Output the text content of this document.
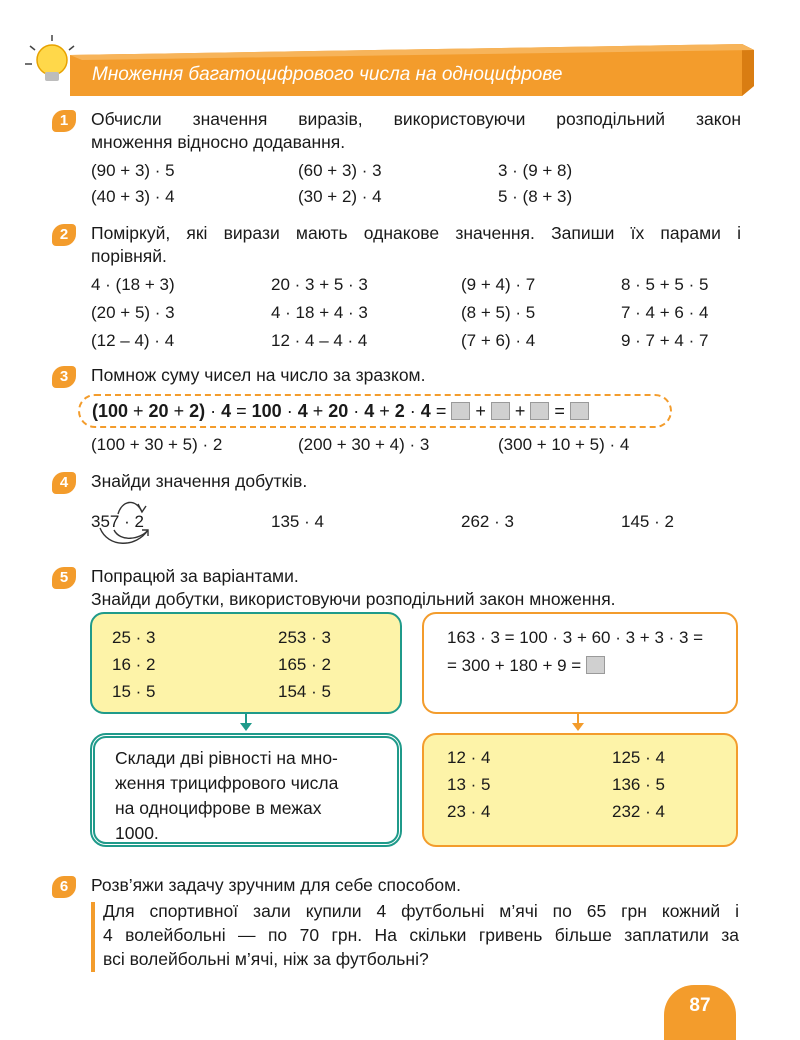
Множення багатоцифрового числа на одноцифрове
1	Обчисли значення виразів, використовуючи розподільний закон
множення відносно додавання.
(90 + 3) · 5	(60 + 3) · 3	3 · (9 + 8)
(40 + 3) · 4	(30 + 2) · 4	5 · (8 + 3)
2	Поміркуй, які вирази мають однакове значення. Запиши їх парами і
порівняй.
4 · (18 + 3)	20 · 3 + 5 · 3	(9 + 4) · 7	8 · 5 + 5 · 5
(20 + 5) · 3	4 · 18 + 4 · 3	(8 + 5) · 5	7 · 4 + 6 · 4
(12 – 4) · 4	12 · 4 – 4 · 4	(7 + 6) · 4	9 · 7 + 4 · 7
3	Помнож суму чисел на число за зразком.
(100 + 20 + 2) · 4 = 100 · 4 + 20 · 4 + 2 · 4 =  +  +  =
(100 + 30 + 5) · 2	(200 + 30 + 4) · 3	(300 + 10 + 5) · 4
4	Знайди значення добутків.
357 · 2	135 · 4	262 · 3	145 · 2
5	Попрацюй за варіантами.
Знайди добутки, використовуючи розподільний закон множення.
25 · 3	253 · 3
16 · 2	165 · 2
15 · 5	154 · 5
163 · 3 = 100 · 3 + 60 · 3 + 3 · 3 =
= 300 + 180 + 9 =
Склади дві рівності на мно-
ження трицифрового числа
на одноцифрове в межах
1000.
12 · 4	125 · 4
13 · 5	136 · 5
23 · 4	232 · 4
6	Розв’яжи задачу зручним для себе способом.
Для спортивної зали купили 4 футбольні м’ячі по 65 грн кожний і
4 волейбольні — по 70 грн. На скільки гривень більше заплатили за
всі волейбольні м’ячі, ніж за футбольні?
87
